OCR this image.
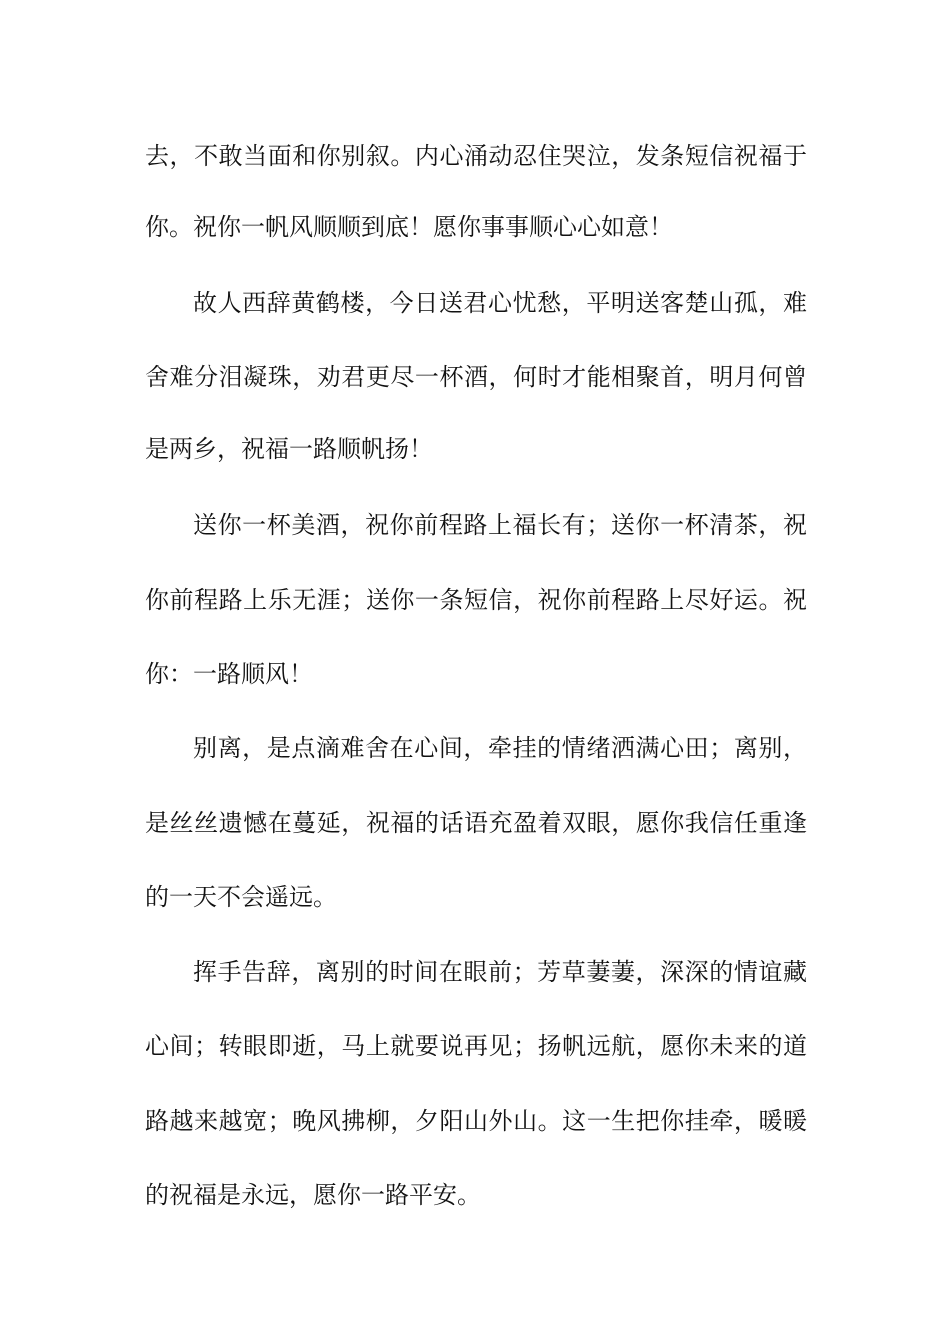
去，不敢当面和你别叙。内心涌动忍住哭泣，发条短信祝福于
你。祝你一帆风顺顺到底！愿你事事顺心心如意！
故人西辞黄鹤楼，今日送君心忧愁，平明送客楚山孤，难
舍难分泪凝珠，劝君更尽一杯酒，何时才能相聚首，明月何曾
是两乡，祝福一路顺帆扬！
送你一杯美酒，祝你前程路上福长有；送你一杯清茶，祝
你前程路上乐无涯；送你一条短信，祝你前程路上尽好运。祝
你：一路顺风！
别离，是点滴难舍在心间，牵挂的情绪洒满心田；离别，
是丝丝遗憾在蔓延，祝福的话语充盈着双眼，愿你我信任重逢
的一天不会遥远。
挥手告辞，离别的时间在眼前；芳草萋萋，深深的情谊藏
心间；转眼即逝，马上就要说再见；扬帆远航，愿你未来的道
路越来越宽；晚风拂柳，夕阳山外山。这一生把你挂牵，暖暖
的祝福是永远，愿你一路平安。
